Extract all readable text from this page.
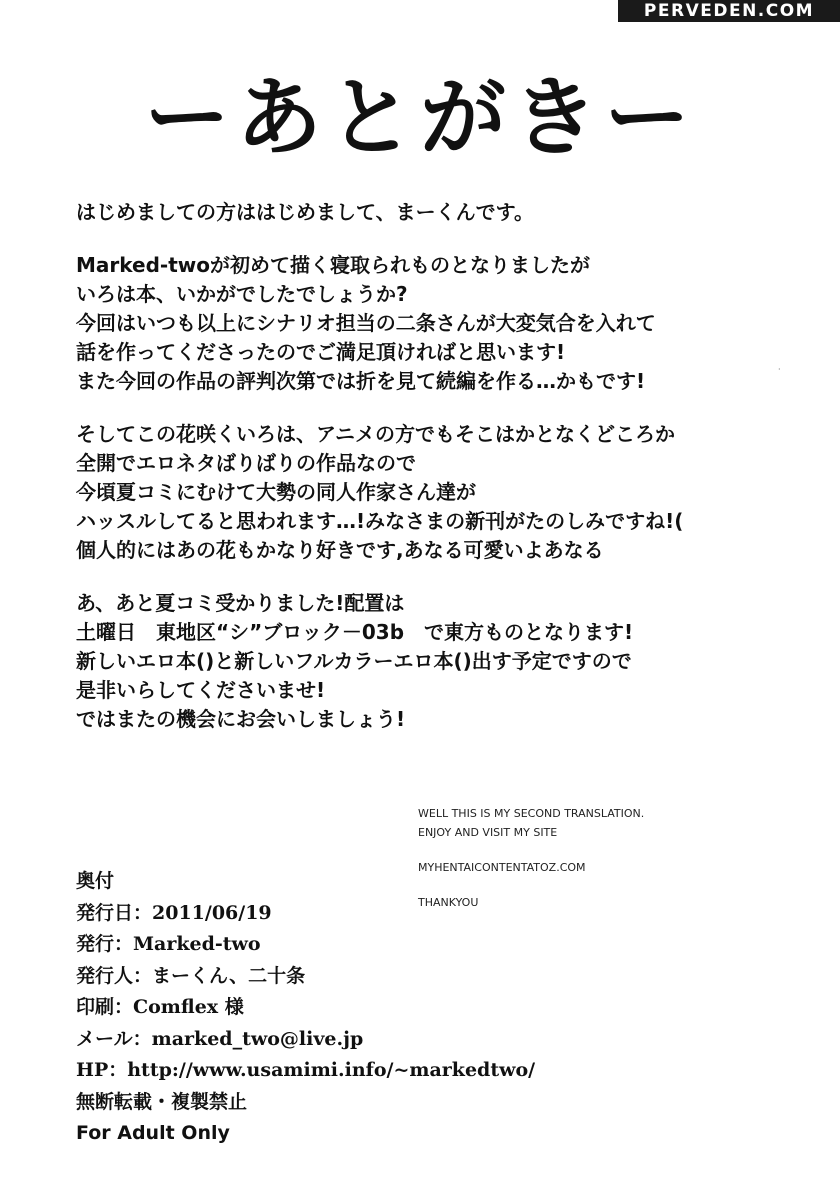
PERVEDEN.COM
ーあとがきー
はじめましての方ははじめまして、まーくんです。
Marked-twoが初めて描く寝取られものとなりましたが
いろは本、いかがでしたでしょうか?
今回はいつも以上にシナリオ担当の二条さんが大変気合を入れて
話を作ってくださったのでご満足頂ければと思います!
また今回の作品の評判次第では折を見て続編を作る…かもです!
そしてこの花咲くいろは、アニメの方でもそこはかとなくどころか
全開でエロネタばりばりの作品なので
今頃夏コミにむけて大勢の同人作家さん達が
ハッスルしてると思われます…!みなさまの新刊がたのしみですね!(
個人的にはあの花もかなり好きです,あなる可愛いよあなる
あ、あと夏コミ受かりました!配置は
土曜日　東地区“シ”ブロック－03b　で東方ものとなります!
新しいエロ本()と新しいフルカラーエロ本()出す予定ですので
是非いらしてくださいませ!
ではまたの機会にお会いしましょう!
·
WELL THIS IS MY SECOND TRANSLATION.
ENJOY AND VISIT MY SITE
MYHENTAICONTENTATOZ.COM
THANKYOU
奥付
発行日：2011/06/19
発行：Marked-two
発行人：まーくん、二十条
印刷：Comflex 様
メール：marked_two@live.jp
HP：http://www.usamimi.info/~markedtwo/
無断転載・複製禁止
For Adult Only
